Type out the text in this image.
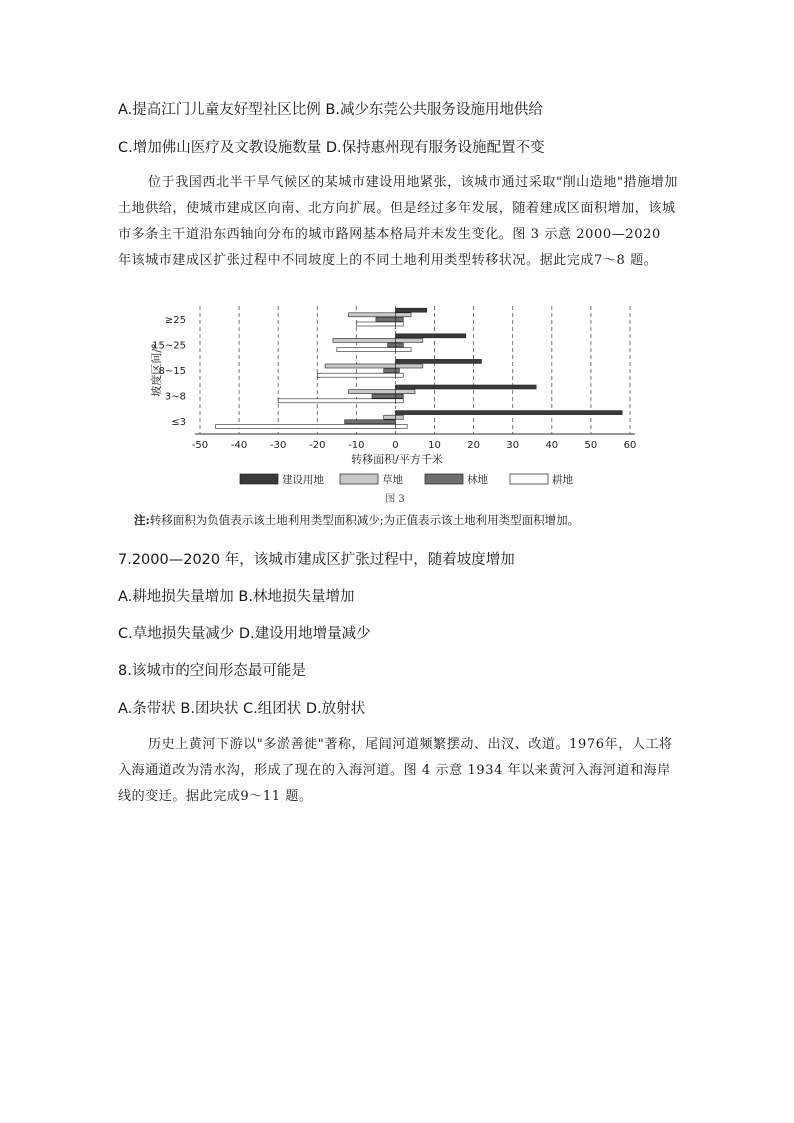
A.提高江门儿童友好型社区比例 B.减少东莞公共服务设施用地供给
C.增加佛山医疗及文教设施数量 D.保持惠州现有服务设施配置不变
位于我国西北半干旱气候区的某城市建设用地紧张，该城市通过采取"削山造地"措施增加土地供给，使城市建成区向南、北方向扩展。但是经过多年发展，随着建成区面积增加，该城市多条主干道沿东西轴向分布的城市路网基本格局并未发生变化。图 3 示意 2000—2020 年该城市建成区扩张过程中不同坡度上的不同土地利用类型转移状况。据此完成7～8 题。
-50 -40 -30 -20 -10	0	10	20	30	40	50	60
≤3
3~8
8~15
15~25
≥25
坡度区间/°
转移面积/平方千米
建设用地	草地	林地	耕地
图 3
注:转移面积为负值表示该土地利用类型面积减少;为正值表示该土地利用类型面积增加。
7.2000—2020 年，该城市建成区扩张过程中，随着坡度增加
A.耕地损失量增加 B.林地损失量增加
C.草地损失量减少 D.建设用地增量减少
8.该城市的空间形态最可能是
A.条带状 B.团块状 C.组团状 D.放射状
历史上黄河下游以"多淤善徙"著称，尾闾河道频繁摆动、出汊、改道。1976年，人工将入海通道改为清水沟，形成了现在的入海河道。图 4 示意 1934 年以来黄河入海河道和海岸线的变迁。据此完成9～11 题。
